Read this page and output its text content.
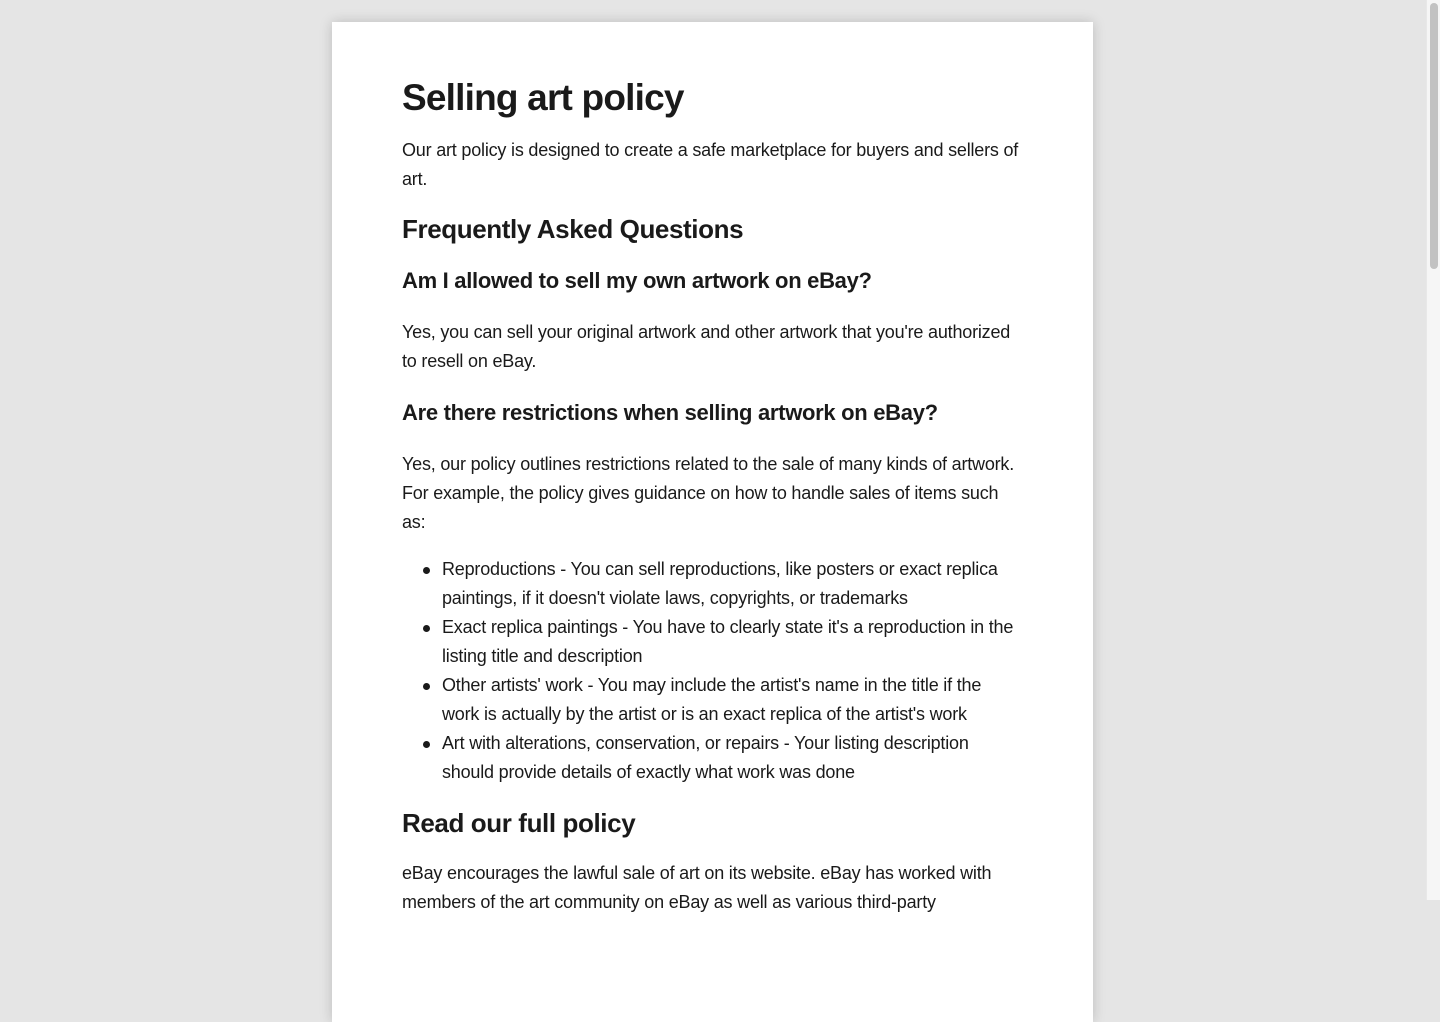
Selling art policy

Our art policy is designed to create a safe marketplace for buyers and sellers of art.

Frequently Asked Questions
Am I allowed to sell my own artwork on eBay?

Yes, you can sell your original artwork and other artwork that you're authorized to resell on eBay.

Are there restrictions when selling artwork on eBay?

Yes, our policy outlines restrictions related to the sale of many kinds of artwork. For example, the policy gives guidance on how to handle sales of items such as:

Reproductions - You can sell reproductions, like posters or exact replica paintings, if it doesn't violate laws, copyrights, or trademarks
Exact replica paintings - You have to clearly state it's a reproduction in the listing title and description
Other artists' work - You may include the artist's name in the title if the work is actually by the artist or is an exact replica of the artist's work
Art with alterations, conservation, or repairs - Your listing description should provide details of exactly what work was done
Read our full policy

eBay encourages the lawful sale of art on its website. eBay has worked with members of the art community on eBay as well as various third-party
